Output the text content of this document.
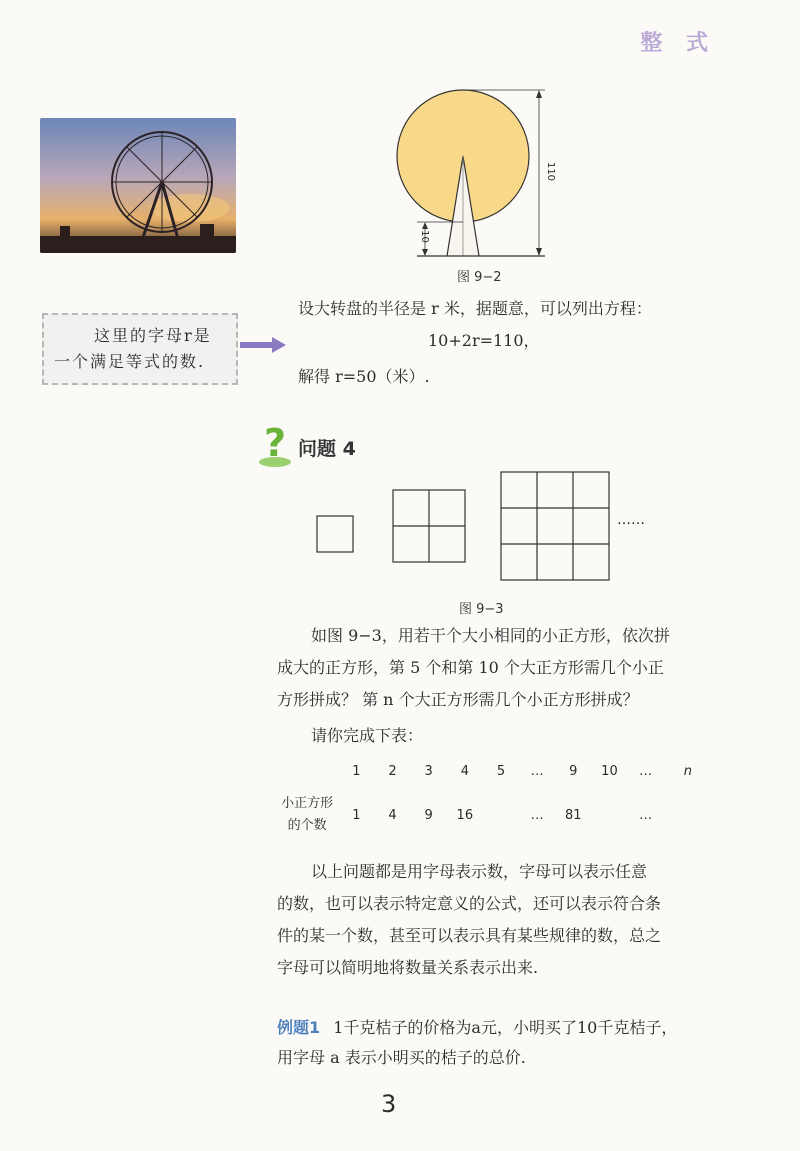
整 式
110
10
图 9−2
这里的字母r是
一个满足等式的数.
设大转盘的半径是 r 米，据题意，可以列出方程：
10+2r=110，
解得 r=50（米）.
? 问题 4
……
图 9−3
如图 9−3，用若干个大小相同的小正方形，依次拼
成大的正方形，第 5 个和第 10 个大正方形需几个小正
方形拼成？ 第 n 个大正方形需几个小正方形拼成？
请你完成下表：
	1	2	3	4	5	…	9	10	…	n
小正方形
的个数	1	4	9	16		…	81		…	
以上问题都是用字母表示数，字母可以表示任意
的数，也可以表示特定意义的公式，还可以表示符合条
件的某一个数，甚至可以表示具有某些规律的数，总之
字母可以简明地将数量关系表示出来.
例题1 1千克桔子的价格为a元，小明买了10千克桔子，
用字母 a 表示小明买的桔子的总价.
3
